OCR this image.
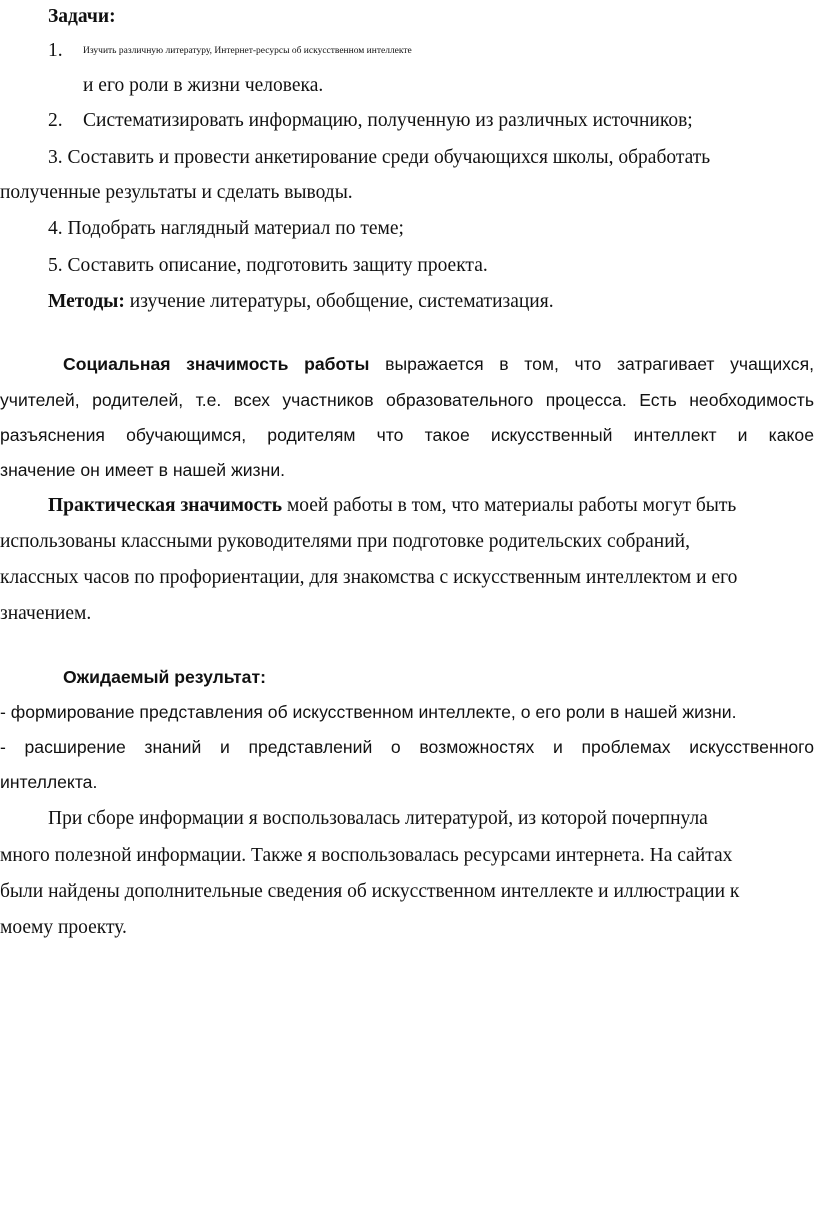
Задачи:
1.	Изучить различную литературу, Интернет-ресурсы об искусственном интеллекте
и его роли в жизни человека.
2.	Систематизировать информацию, полученную из различных источников;
3. Составить и провести анкетирование среди обучающихся школы, обработать
полученные результаты и сделать выводы.
4. Подобрать наглядный материал по теме;
5. Составить описание, подготовить защиту проекта.
Методы: изучение литературы, обобщение, систематизация.
Социальная значимость работы выражается в том, что затрагивает учащихся,
учителей, родителей, т.е. всех участников образовательного процесса. Есть необходимость
разъяснения обучающимся, родителям что такое искусственный интеллект и какое
значение он имеет в нашей жизни.
Практическая значимость моей работы в том, что материалы работы могут быть
использованы классными руководителями при подготовке родительских собраний,
классных часов по профориентации, для знакомства с искусственным интеллектом и его
значением.
Ожидаемый результат:
- формирование представления об искусственном интеллекте, о его роли в нашей жизни.
- расширение знаний и представлений о возможностях и проблемах искусственного
интеллекта.
При сборе информации я воспользовалась литературой, из которой почерпнула
много полезной информации. Также я воспользовалась ресурсами интернета. На сайтах
были найдены дополнительные сведения об искусственном интеллекте и иллюстрации к
моему проекту.
